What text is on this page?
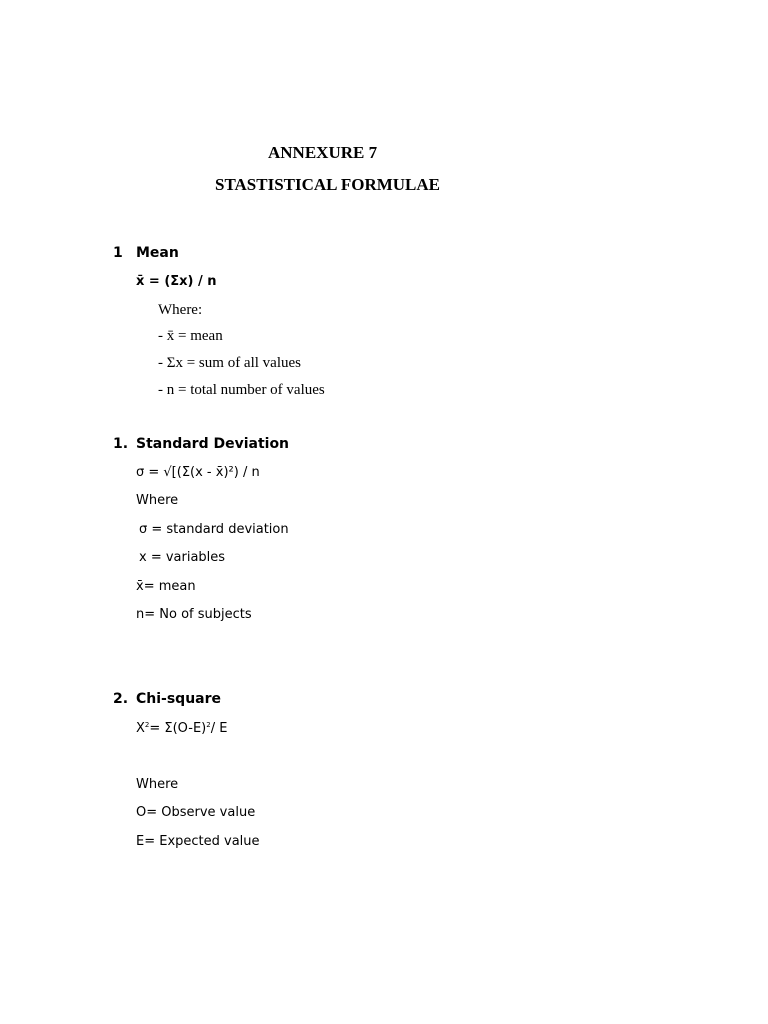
ANNEXURE 7
STASTISTICAL FORMULAE
1 Mean
x̄ = (Σx) / n
Where:
- x̄ = mean
- Σx = sum of all values
- n = total number of values
1. Standard Deviation
σ = √[(Σ(x - x̄)²) / n
Where
σ = standard deviation
x = variables
x̄= mean
n= No of subjects
2. Chi-square
$X^2= \Sigma(O-E)^2/$ E
Where
O= Observe value
E= Expected value
